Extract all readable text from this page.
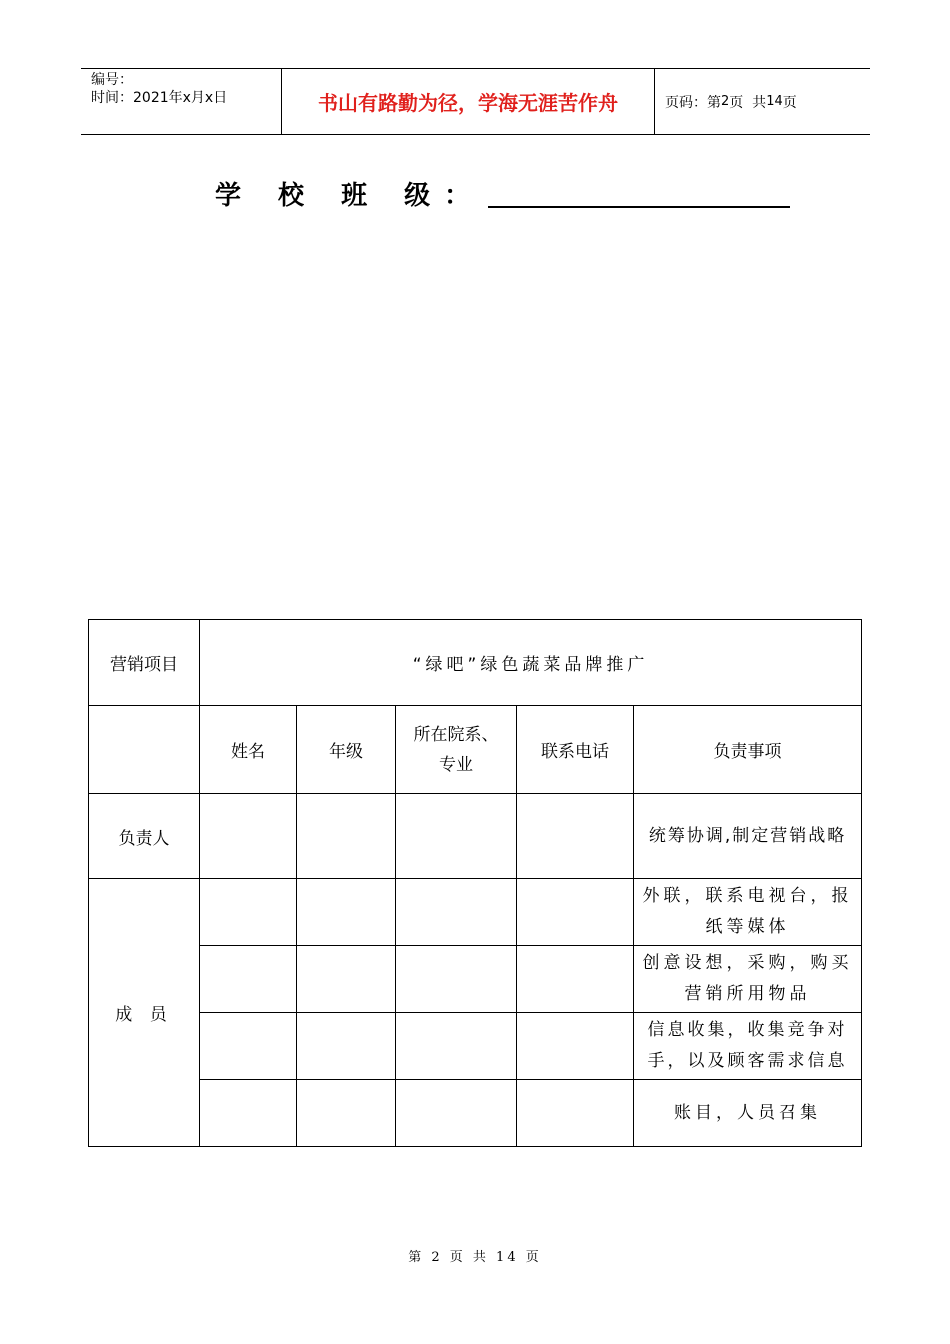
编号：
时间：2021年x月x日	书山有路勤为径，学海无涯苦作舟	页码：第 2 页  共 14 页
学 校 班 级：
营销项目	“绿吧”绿色蔬菜品牌推广				
	姓名	年级	所在院系、专业	联系电话	负责事项
负责人					统筹协调,制定营销战略
成 员					外联，联系电视台，报纸等媒体
					创意设想，采购，购买营销所用物品
					信息收集，收集竞争对手，以及顾客需求信息
					账目，人员召集
第 2 页 共 14 页
